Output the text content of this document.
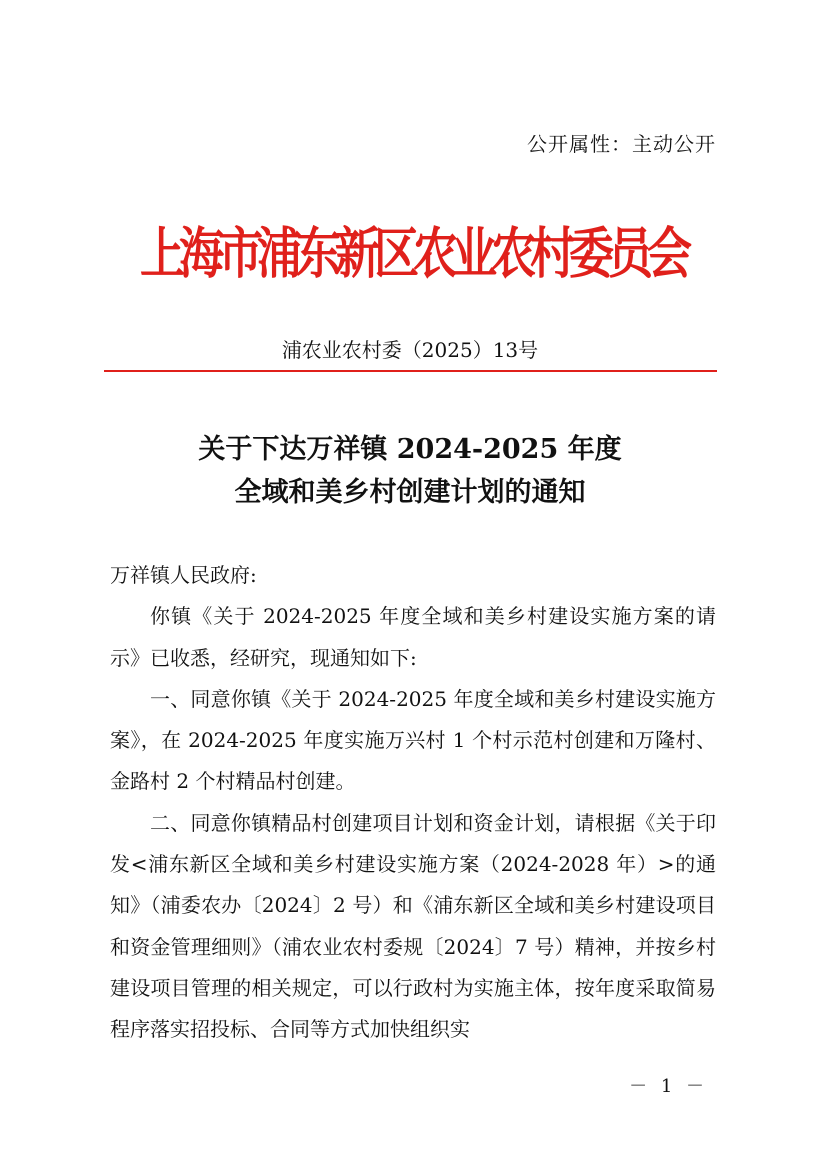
公开属性：主动公开
上海市浦东新区农业农村委员会
浦农业农村委（2025）13号
关于下达万祥镇 2024-2025 年度
全域和美乡村创建计划的通知

万祥镇人民政府:

你镇《关于 2024-2025 年度全域和美乡村建设实施方案的请示》已收悉，经研究，现通知如下:

一、同意你镇《关于 2024-2025 年度全域和美乡村建设实施方案》，在 2024-2025 年度实施万兴村 1 个村示范村创建和万隆村、金路村 2 个村精品村创建。

二、同意你镇精品村创建项目计划和资金计划，请根据《关于印发<浦东新区全域和美乡村建设实施方案（2024-2028 年）>的通知》（浦委农办〔2024〕2 号）和《浦东新区全域和美乡村建设项目和资金管理细则》（浦农业农村委规〔2024〕7 号）精神，并按乡村建设项目管理的相关规定，可以行政村为实施主体，按年度采取简易程序落实招投标、合同等方式加快组织实

－ 1 －
